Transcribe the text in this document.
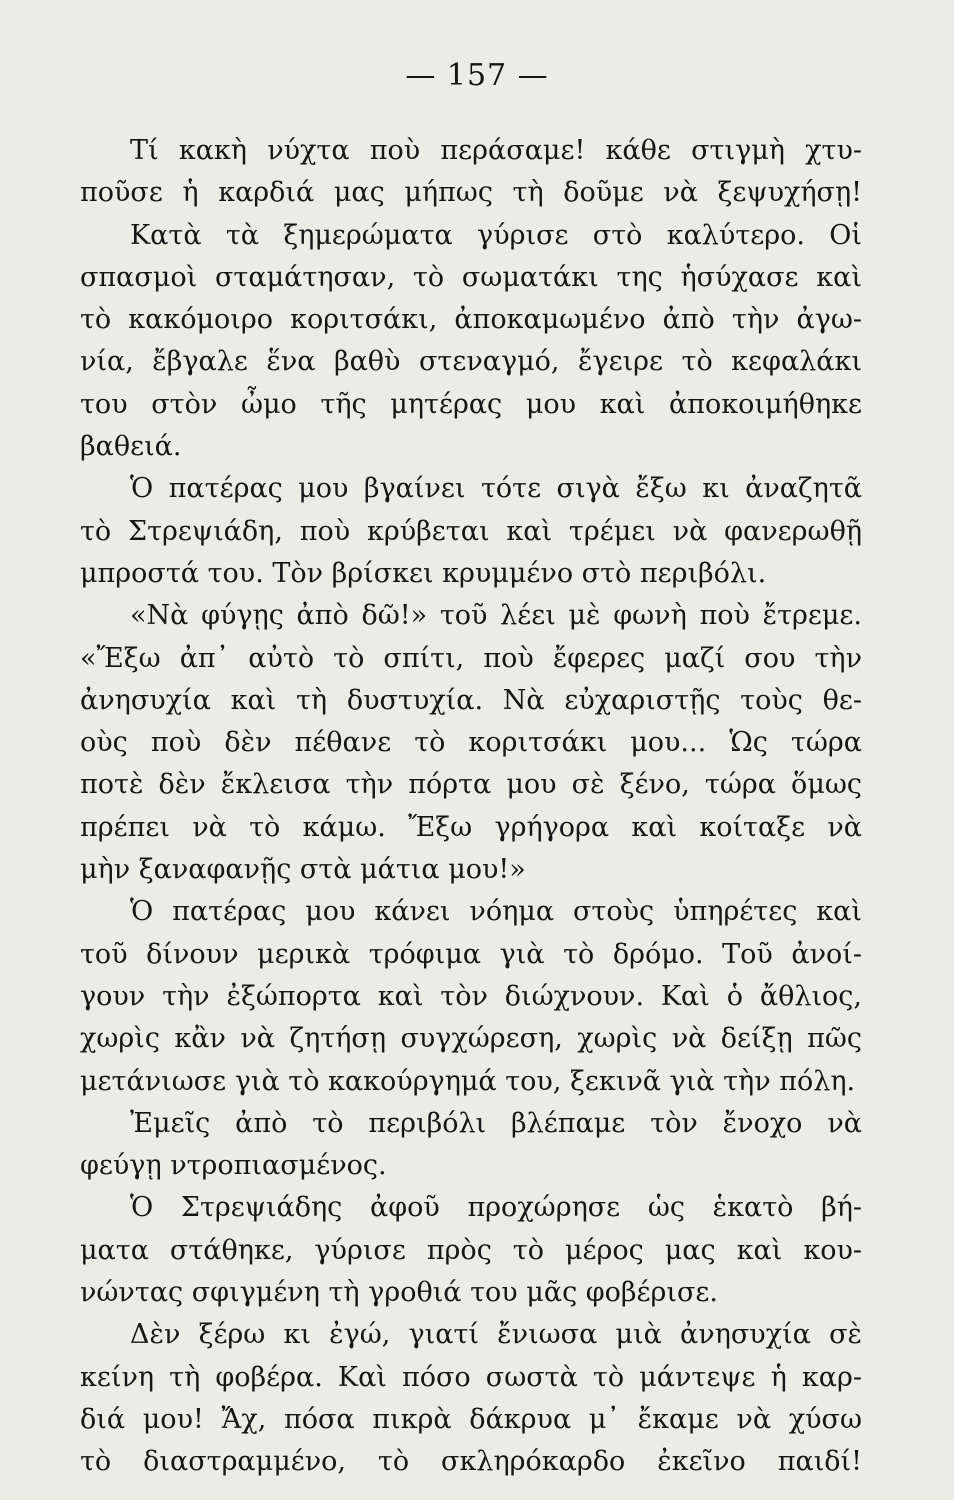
— 157 —
Τί κακὴ νύχτα ποὺ περάσαμε! κάθε στιγμὴ χτυ-
ποῦσε ἡ καρδιά μας μήπως τὴ δοῦμε νὰ ξεψυχήσῃ!
Κατὰ τὰ ξημερώματα γύρισε στὸ καλύτερο. Οἱ
σπασμοὶ σταμάτησαν, τὸ σωματάκι της ἡσύχασε καὶ
τὸ κακόμοιρο κοριτσάκι, ἀποκαμωμένο ἀπὸ τὴν ἀγω-
νία, ἔβγαλε ἕνα βαθὺ στεναγμό, ἔγειρε τὸ κεφαλάκι
του στὸν ὦμο τῆς μητέρας μου καὶ ἀποκοιμήθηκε
βαθειά.
Ὁ πατέρας μου βγαίνει τότε σιγὰ ἔξω κι ἀναζητᾶ
τὸ Στρεψιάδη, ποὺ κρύβεται καὶ τρέμει νὰ φανερωθῇ
μπροστά του. Τὸν βρίσκει κρυμμένο στὸ περιβόλι.
«Νὰ φύγῃς ἀπὸ δῶ!» τοῦ λέει μὲ φωνὴ ποὺ ἔτρεμε.
«Ἔξω ἀπ᾽ αὐτὸ τὸ σπίτι, ποὺ ἔφερες μαζί σου τὴν
ἀνησυχία καὶ τὴ δυστυχία. Νὰ εὐχαριστῇς τοὺς θε-
οὺς ποὺ δὲν πέθανε τὸ κοριτσάκι μου... Ὡς τώρα
ποτὲ δὲν ἔκλεισα τὴν πόρτα μου σὲ ξένο, τώρα ὅμως
πρέπει νὰ τὸ κάμω. Ἔξω γρήγορα καὶ κοίταξε νὰ
μὴν ξαναφανῇς στὰ μάτια μου!»
Ὁ πατέρας μου κάνει νόημα στοὺς ὑπηρέτες καὶ
τοῦ δίνουν μερικὰ τρόφιμα γιὰ τὸ δρόμο. Τοῦ ἀνοί-
γουν τὴν ἐξώπορτα καὶ τὸν διώχνουν. Καὶ ὁ ἄθλιος,
χωρὶς κἂν νὰ ζητήσῃ συγχώρεση, χωρὶς νὰ δείξῃ πῶς
μετάνιωσε γιὰ τὸ κακούργημά του, ξεκινᾶ γιὰ τὴν πόλη.
Ἐμεῖς ἀπὸ τὸ περιβόλι βλέπαμε τὸν ἔνοχο νὰ
φεύγῃ ντροπιασμένος.
Ὁ Στρεψιάδης ἀφοῦ προχώρησε ὡς ἑκατὸ βή-
ματα στάθηκε, γύρισε πρὸς τὸ μέρος μας καὶ κου-
νώντας σφιγμένη τὴ γροθιά του μᾶς φοβέρισε.
Δὲν ξέρω κι ἐγώ, γιατί ἔνιωσα μιὰ ἀνησυχία σὲ
κείνη τὴ φοβέρα. Καὶ πόσο σωστὰ τὸ μάντεψε ἡ καρ-
διά μου! Ἄχ, πόσα πικρὰ δάκρυα μ᾽ ἔκαμε νὰ χύσω
τὸ διαστραμμένο, τὸ σκληρόκαρδο ἐκεῖνο παιδί!
